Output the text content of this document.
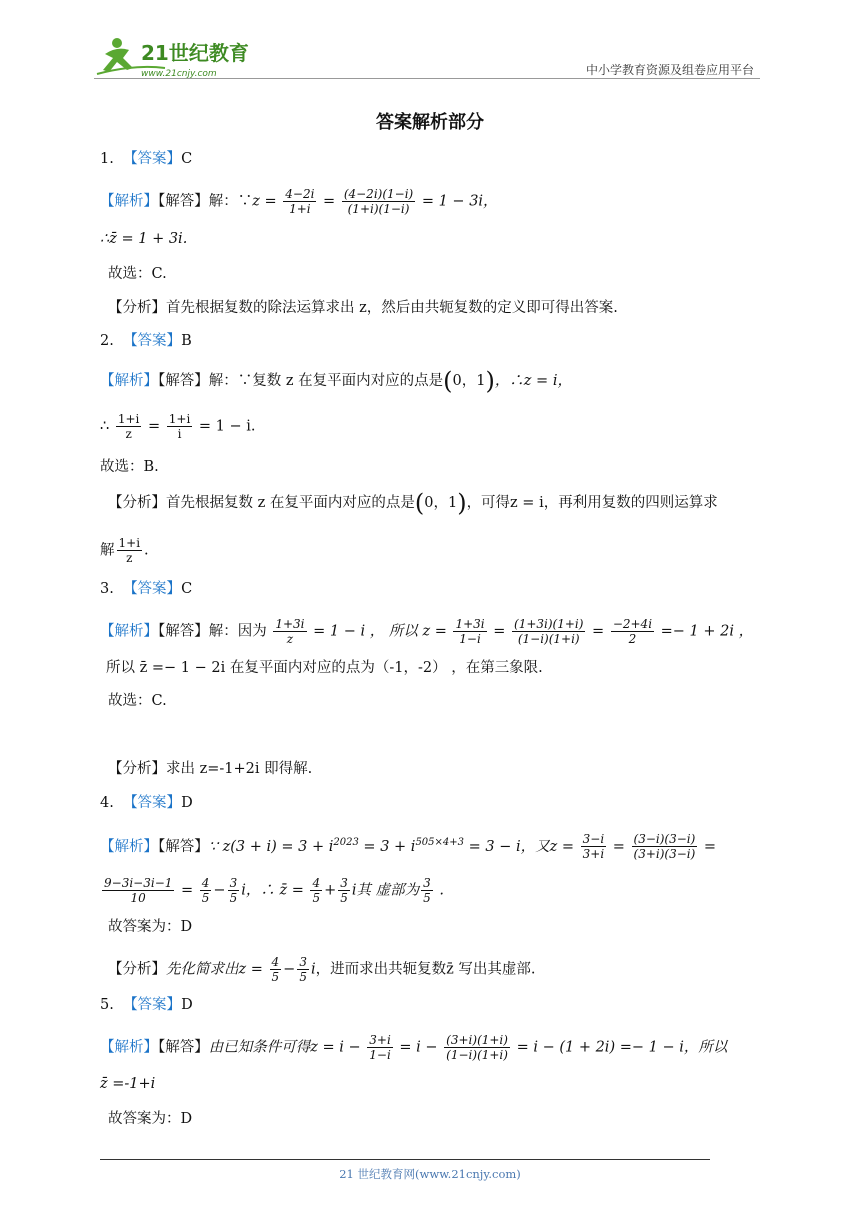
21世纪教育
www.21cnjy.com	中小学教育资源及组卷应用平台
答案解析部分
1. 【答案】C
【解析】【解答】解：∵z = $\frac{4-2i}{1+i} = \frac{(4-2i)(1-i)}{(1+i)(1-i)} = 1 - 3i$，
∴z̄ = 1 + 3i.
故选：C.
【分析】首先根据复数的除法运算求出 z，然后由共轭复数的定义即可得出答案.
2. 【答案】B
【解析】【解答】解：∵复数 z 在复平面内对应的点是(0，1)，∴z = i，
∴ $\frac{1+i}{z} = \frac{1+i}{i} = 1 - i$.
故选：B.
【分析】首先根据复数 z 在复平面内对应的点是(0，1)，可得z = i，再利用复数的四则运算求
解 $\frac{1+i}{z}$ .
3. 【答案】C
【解析】【解答】解：因为 $\frac{1+3i}{z} = 1 - i$ ， 所以 $z = \frac{1+3i}{1-i} = \frac{(1+3i)(1+i)}{(1-i)(1+i)} = \frac{-2+4i}{2} =- 1 + 2i$ ，
所以 z̄ =− 1 − 2i 在复平面内对应的点为（-1，-2） ，在第三象限.
故选：C.
【分析】求出 z=-1+2i 即得解.
4. 【答案】D
【解析】【解答】∵ $z(3 + i) = 3 + i^{2023} = 3 + i^{505\times 4+3} = 3 - i$，又$z = \frac{3-i}{3+i} = \frac{(3-i)(3-i)}{(3+i)(3-i)}$ =
$\frac{9-3i-3i-1}{10} = \frac{4}{5} - \frac{3}{5}$ i，∴ z̄ = $\frac{4}{5} + \frac{3}{5}$ i其 虚部为 $\frac{3}{5}$ .
故答案为：D
【分析】先化简求出$z = \frac{4}{5} - \frac{3}{5}$ i，进而求出共轭复数z̄ 写出其虚部.
5. 【答案】D
【解析】【解答】由已知条件可得$z = i - \frac{3+i}{1-i} = i - \frac{(3+i)(1+i)}{(1-i)(1+i)} = i - (1 + 2i) =- 1 - i$，所以
z̄ =-1+i
故答案为：D
21 世纪教育网(www.21cnjy.com)
